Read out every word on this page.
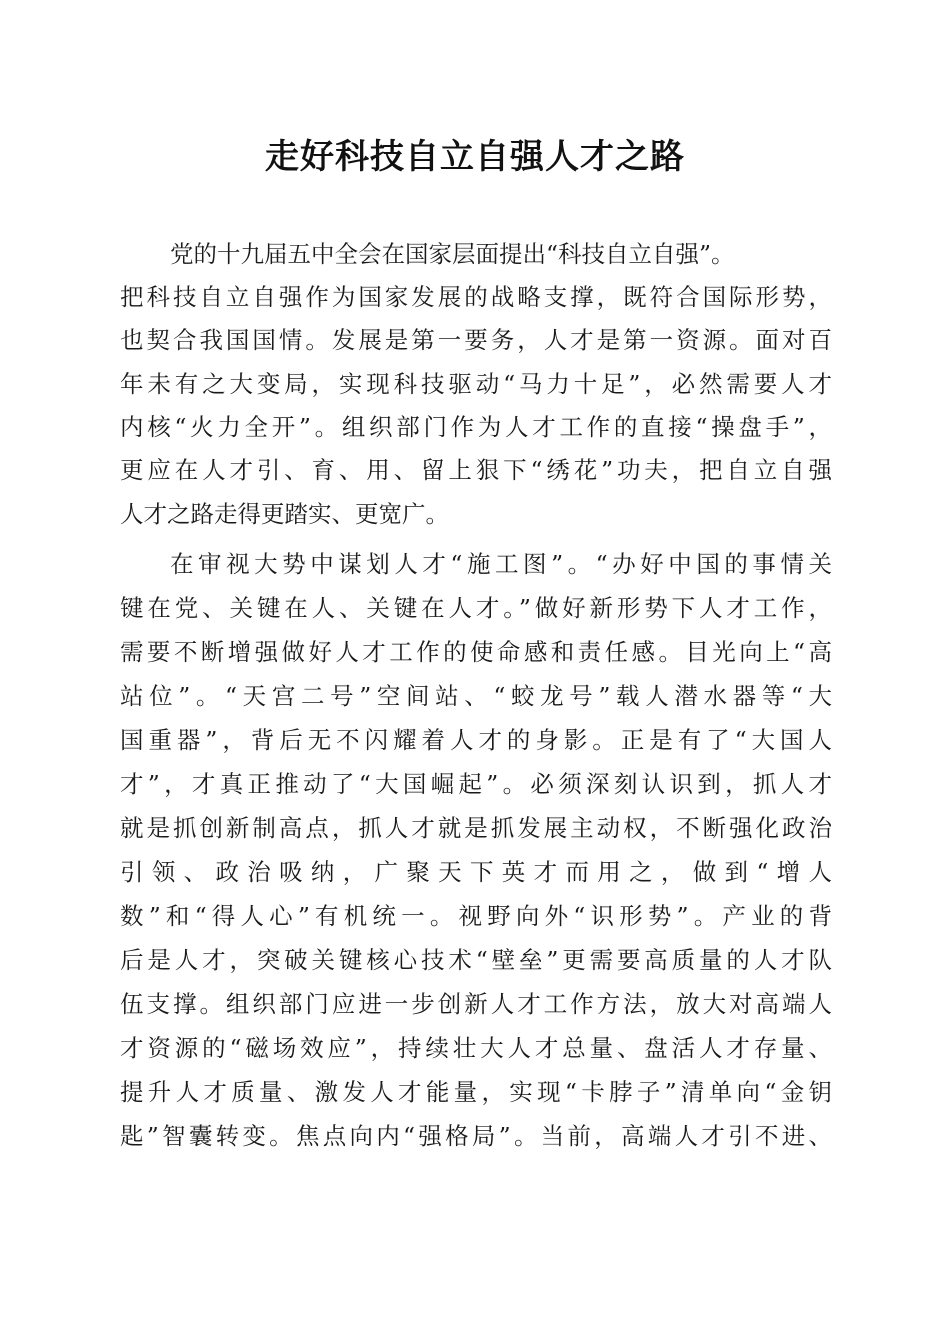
走好科技自立自强人才之路
党的十九届五中全会在国家层面提出“科技自立自强”。
把科技自立自强作为国家发展的战略支撑，既符合国际形势，
也契合我国国情。发展是第一要务，人才是第一资源。面对百
年未有之大变局，实现科技驱动“马力十足”，必然需要人才
内核“火力全开”。组织部门作为人才工作的直接“操盘手”，
更应在人才引、育、用、留上狠下“绣花”功夫，把自立自强
人才之路走得更踏实、更宽广。
在审视大势中谋划人才“施工图”。“办好中国的事情关
键在党、关键在人、关键在人才。”做好新形势下人才工作，
需要不断增强做好人才工作的使命感和责任感。目光向上“高
站位”。“天宫二号”空间站、“蛟龙号”载人潜水器等“大
国重器”，背后无不闪耀着人才的身影。正是有了“大国人
才”，才真正推动了“大国崛起”。必须深刻认识到，抓人才
就是抓创新制高点，抓人才就是抓发展主动权，不断强化政治
引领、政治吸纳，广聚天下英才而用之，做到“增人
数”和“得人心”有机统一。视野向外“识形势”。产业的背
后是人才，突破关键核心技术“壁垒”更需要高质量的人才队
伍支撑。组织部门应进一步创新人才工作方法，放大对高端人
才资源的“磁场效应”，持续壮大人才总量、盘活人才存量、
提升人才质量、激发人才能量，实现“卡脖子”清单向“金钥
匙”智囊转变。焦点向内“强格局”。当前，高端人才引不进、
